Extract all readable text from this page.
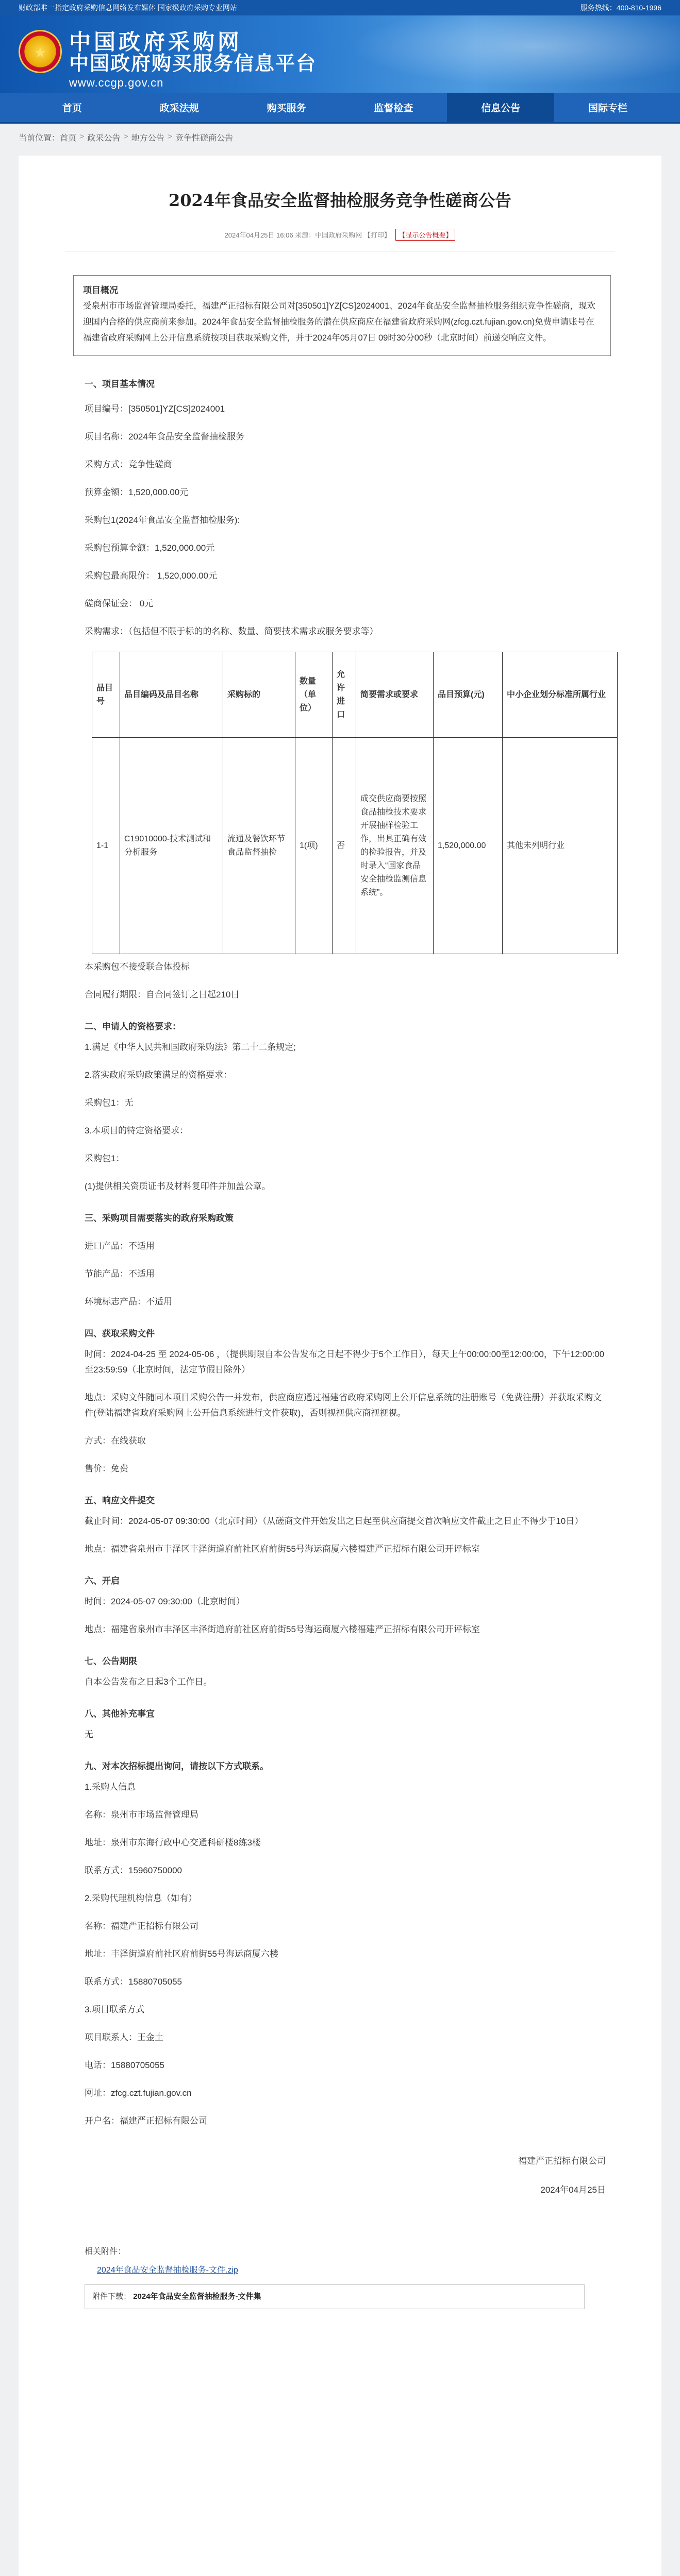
财政部唯一指定政府采购信息网络发布媒体 国家级政府采购专业网站	服务热线：400-810-1996
★	中国政府采购网
中国政府购买服务信息平台
www.ccgp.gov.cn
首页	政采法规	购买服务	监督检查	信息公告	国际专栏
当前位置： 首页 > 政采公告 > 地方公告 > 竞争性磋商公告
2024年食品安全监督抽检服务竞争性磋商公告
2024年04月25日 16:06 来源：中国政府采购网 【打印】 【显示公告概要】
项目概况

受泉州市市场监督管理局委托，福建严正招标有限公司对[350501]YZ[CS]2024001、2024年食品安全监督抽检服务组织竞争性磋商，现欢迎国内合格的供应商前来参加。2024年食品安全监督抽检服务的潜在供应商应在福建省政府采购网(zfcg.czt.fujian.gov.cn)免费申请账号在福建省政府采购网上公开信息系统按项目获取采购文件，并于2024年05月07日 09时30分00秒（北京时间）前递交响应文件。

一、项目基本情况
项目编号：[350501]YZ[CS]2024001
项目名称：2024年食品安全监督抽检服务
采购方式：竞争性磋商
预算金额：1,520,000.00元
采购包1(2024年食品安全监督抽检服务):
采购包预算金额：1,520,000.00元
采购包最高限价： 1,520,000.00元
磋商保证金： 0元
采购需求：（包括但不限于标的的名称、数量、简要技术需求或服务要求等）
品目号	品目编码及品目名称	采购标的	数量（单位）	允许进口	简要需求或要求	品目预算(元)	中小企业划分标准所属行业
1-1	C19010000-技术测试和分析服务	流通及餐饮环节食品监督抽检	1(项)	否	成交供应商要按照食品抽检技术要求开展抽样检验工作，出具正确有效的检验报告，并及时录入“国家食品安全抽检监测信息系统”。	1,520,000.00	其他未列明行业
本采购包不接受联合体投标
合同履行期限：自合同签订之日起210日
二、申请人的资格要求：
1.满足《中华人民共和国政府采购法》第二十二条规定;
2.落实政府采购政策满足的资格要求：
采购包1：无
3.本项目的特定资格要求：
采购包1：
(1)提供相关资质证书及材料复印件并加盖公章。
三、采购项目需要落实的政府采购政策
进口产品：不适用
节能产品：不适用
环境标志产品：不适用
四、获取采购文件
时间：2024-04-25 至 2024-05-06 ，（提供期限自本公告发布之日起不得少于5个工作日），每天上午00:00:00至12:00:00，下午12:00:00至23:59:59（北京时间，法定节假日除外）
地点：采购文件随同本项目采购公告一并发布，供应商应通过福建省政府采购网上公开信息系统的注册账号（免费注册）并获取采购文件(登陆福建省政府采购网上公开信息系统进行文件获取)，否则视视供应商视视视。
方式：在线获取
售价：免费
五、响应文件提交
截止时间：2024-05-07 09:30:00（北京时间）（从磋商文件开始发出之日起至供应商提交首次响应文件截止之日止不得少于10日）
地点：福建省泉州市丰泽区丰泽街道府前社区府前街55号海运商厦六楼福建严正招标有限公司开评标室
六、开启
时间：2024-05-07 09:30:00（北京时间）
地点：福建省泉州市丰泽区丰泽街道府前社区府前街55号海运商厦六楼福建严正招标有限公司开评标室
七、公告期限
自本公告发布之日起3个工作日。
八、其他补充事宜
无
九、对本次招标提出询问，请按以下方式联系。
1.采购人信息
名称：泉州市市场监督管理局
地址：泉州市东海行政中心交通科研楼8练3楼
联系方式：15960750000
2.采购代理机构信息（如有）
名称：福建严正招标有限公司
地址：丰泽街道府前社区府前街55号海运商厦六楼
联系方式：15880705055
3.项目联系方式
项目联系人：王金土
电话：15880705055
网址：zfcg.czt.fujian.gov.cn
开户名：福建严正招标有限公司
福建严正招标有限公司
2024年04月25日
相关附件：
2024年食品安全监督抽检服务-文件.zip
附件下载： 2024年食品安全监督抽检服务-文件集
